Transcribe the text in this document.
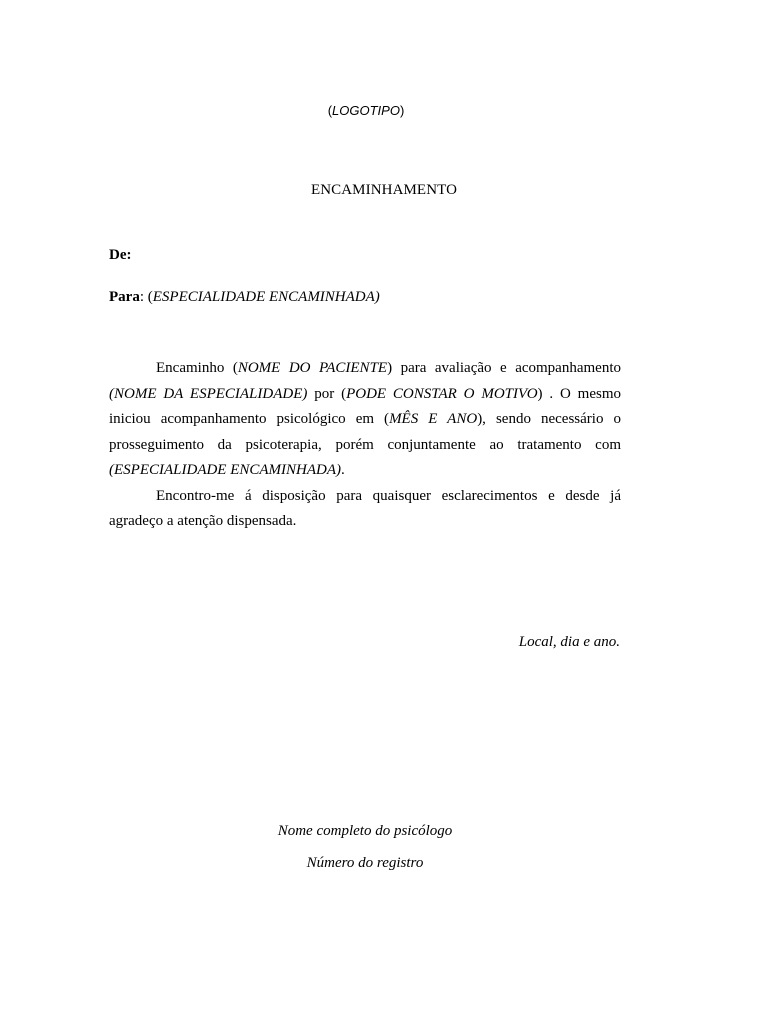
(LOGOTIPO)
ENCAMINHAMENTO
De:
Para: (ESPECIALIDADE ENCAMINHADA)

Encaminho (NOME DO PACIENTE) para avaliação e acompanhamento (NOME DA ESPECIALIDADE) por (PODE CONSTAR O MOTIVO) . O mesmo iniciou acompanhamento psicológico em (MÊS E ANO), sendo necessário o prosseguimento da psicoterapia, porém conjuntamente ao tratamento com (ESPECIALIDADE ENCAMINHADA).

Encontro-me á disposição para quaisquer esclarecimentos e desde já agradeço a atenção dispensada.

Local, dia e ano.
Nome completo do psicólogo
Número do registro
